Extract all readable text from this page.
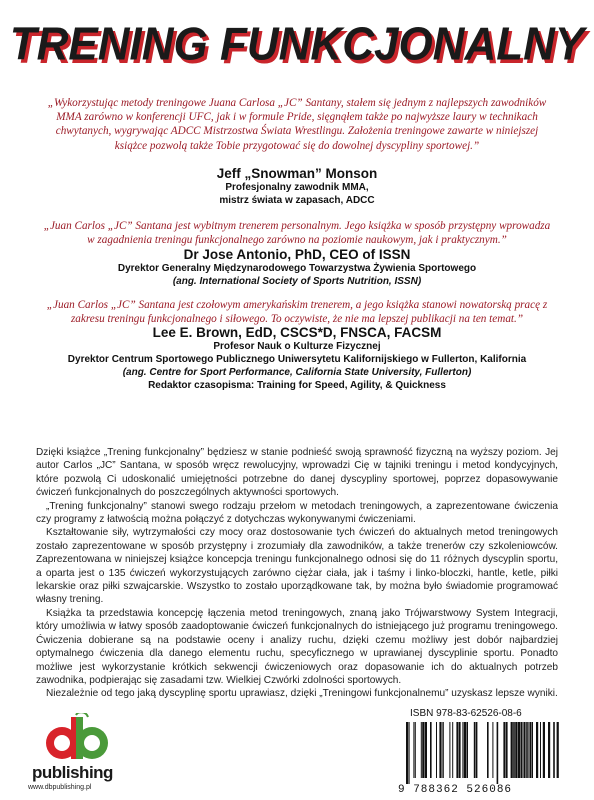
TRENING FUNKCJONALNY

„Wykorzystując metody treningowe Juana Carlosa „JC” Santany, stałem się jednym z najlepszych zawodników MMA zarówno w konferencji UFC, jak i w formule Pride, sięgnąłem także po najwyższe laury w technikach chwytanych, wygrywając ADCC Mistrzostwa Świata Wrestlingu. Założenia treningowe zawarte w niniejszej książce pozwolą także Tobie przygotować się do dowolnej dyscypliny sportowej.”

Jeff „Snowman” Monson

Profesjonalny zawodnik MMA,

mistrz świata w zapasach, ADCC

„Juan Carlos „JC” Santana jest wybitnym trenerem personalnym. Jego książka w sposób przystępny wprowadza w zagadnienia treningu funkcjonalnego zarówno na poziomie naukowym, jak i praktycznym.”

Dr Jose Antonio, PhD, CEO of ISSN

Dyrektor Generalny Międzynarodowego Towarzystwa Żywienia Sportowego

(ang. International Society of Sports Nutrition, ISSN)

„Juan Carlos „JC” Santana jest czołowym amerykańskim trenerem, a jego książka stanowi nowatorską pracę z zakresu treningu funkcjonalnego i siłowego. To oczywiste, że nie ma lepszej publikacji na ten temat.”

Lee E. Brown, EdD, CSCS*D, FNSCA, FACSM

Profesor Nauk o Kulturze Fizycznej

Dyrektor Centrum Sportowego Publicznego Uniwersytetu Kalifornijskiego w Fullerton, Kalifornia

(ang. Centre for Sport Performance, California State University, Fullerton)

Redaktor czasopisma: Training for Speed, Agility, & Quickness

Dzięki książce „Trening funkcjonalny” będziesz w stanie podnieść swoją sprawność fizyczną na wyższy poziom. Jej autor Carlos „JC” Santana, w sposób wręcz rewolucyjny, wprowadzi Cię w tajniki treningu i metod kondycyjnych, które pozwolą Ci udoskonalić umiejętności potrzebne do danej dyscypliny sportowej, poprzez dopasowywanie ćwiczeń funkcjonalnych do poszczególnych aktywności sportowych.

„Trening funkcjonalny” stanowi swego rodzaju przełom w metodach treningowych, a zaprezentowane ćwiczenia czy programy z łatwością można połączyć z dotychczas wykonywanymi ćwiczeniami.

Kształtowanie siły, wytrzymałości czy mocy oraz dostosowanie tych ćwiczeń do aktualnych metod treningowych zostało zaprezentowane w sposób przystępny i zrozumiały dla zawodników, a także trenerów czy szkoleniowców. Zaprezentowana w niniejszej książce koncepcja treningu funkcjonalnego odnosi się do 11 różnych dyscyplin sportu, a oparta jest o 135 ćwiczeń wykorzystujących zarówno ciężar ciała, jak i taśmy i linko-bloczki, hantle, ketle, piłki lekarskie oraz piłki szwajcarskie. Wszystko to zostało uporządkowane tak, by można było świadomie programować własny trening.

Książka ta przedstawia koncepcję łączenia metod treningowych, znaną jako Trójwarstwowy System Integracji, który umożliwia w łatwy sposób zaadoptowanie ćwiczeń funkcjonalnych do istniejącego już programu treningowego. Ćwiczenia dobierane są na podstawie oceny i analizy ruchu, dzięki czemu możliwy jest dobór najbardziej optymalnego ćwiczenia dla danego elementu ruchu, specyficznego w uprawianej dyscyplinie sportu. Ponadto możliwe jest wykorzystanie krótkich sekwencji ćwiczeniowych oraz dopasowanie ich do aktualnych potrzeb zawodnika, podpierając się zasadami tzw. Wielkiej Czwórki zdolności sportowych.

Niezależnie od tego jaką dyscyplinę sportu uprawiasz, dzięki „Treningowi funkcjonalnemu” uzyskasz lepsze wyniki.

publishing
www.dbpublishing.pl
ISBN 978-83-62526-08-6
9 788362 526086
